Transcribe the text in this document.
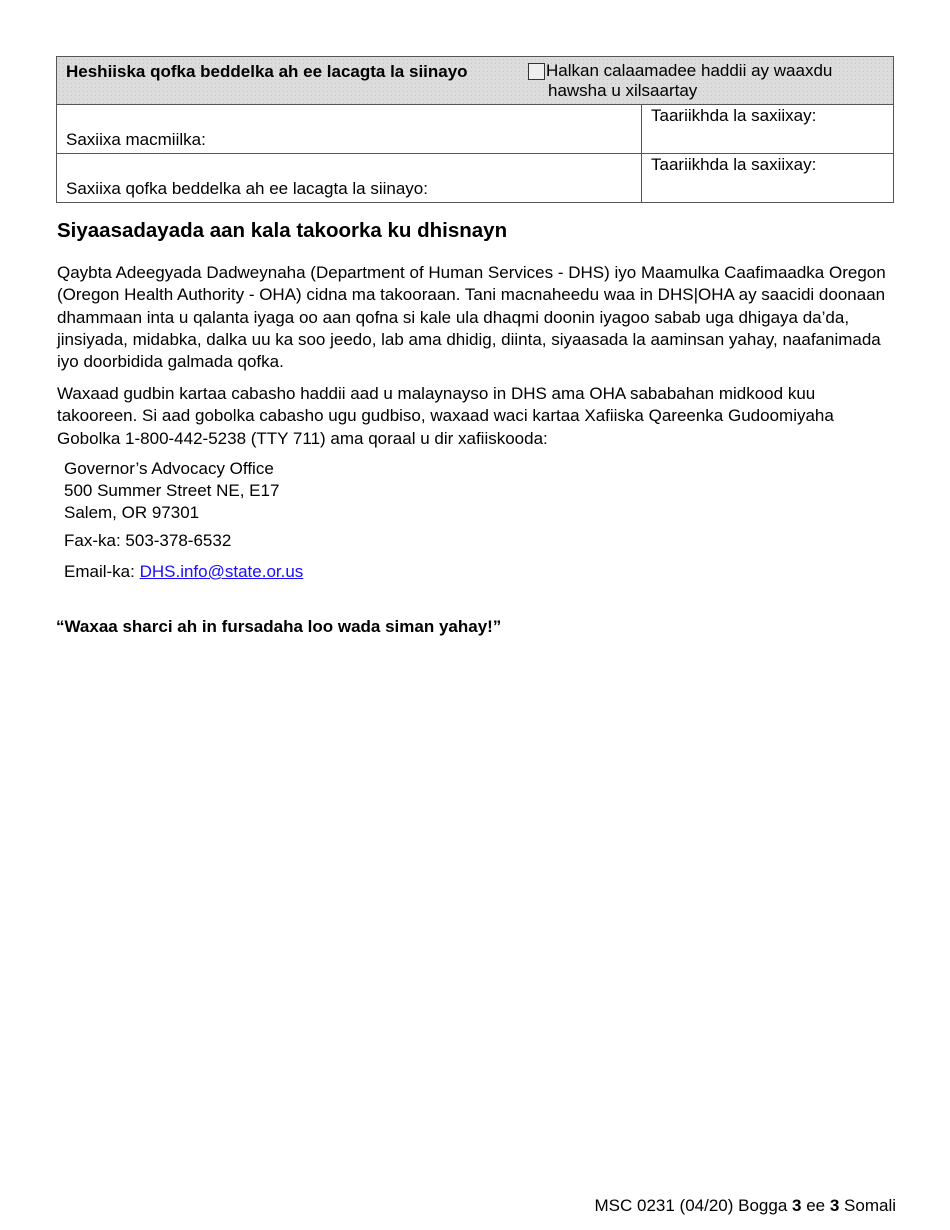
Heshiiska qofka beddelka ah ee lacagta la siinayo Halkan calaamadee haddii ay waaxdu
hawsha u xilsaartay	

Saxiixa macmiilka:	Taariikhda la saxiixay:

Saxiixa qofka beddelka ah ee lacagta la siinayo:	Taariikhda la saxiixay:
Siyaasadayada aan kala takoorka ku dhisnayn

Qaybta Adeegyada Dadweynaha (Department of Human Services - DHS) iyo Maamulka Caafimaadka Oregon (Oregon Health Authority - OHA) cidna ma takooraan. Tani macnaheedu waa in DHS|OHA ay saacidi doonaan dhammaan inta u qalanta iyaga oo aan qofna si kale ula dhaqmi doonin iyagoo sabab uga dhigaya da’da, jinsiyada, midabka, dalka uu ka soo jeedo, lab ama dhidig, diinta, siyaasada la aaminsan yahay, naafanimada iyo doorbidida galmada qofka.

Waxaad gudbin kartaa cabasho haddii aad u malaynayso in DHS ama OHA sababahan midkood kuu takooreen. Si aad gobolka cabasho ugu gudbiso, waxaad waci kartaa Xafiiska Qareenka Gudoomiyaha Gobolka 1-800-442-5238 (TTY 711) ama qoraal u dir xafiiskooda:

Governor’s Advocacy Office
500 Summer Street NE, E17
Salem, OR 97301
Fax-ka: 503-378-6532
Email-ka: DHS.info@state.or.us
“Waxaa sharci ah in fursadaha loo wada siman yahay!”
MSC 0231 (04/20) Bogga 3 ee 3 Somali
